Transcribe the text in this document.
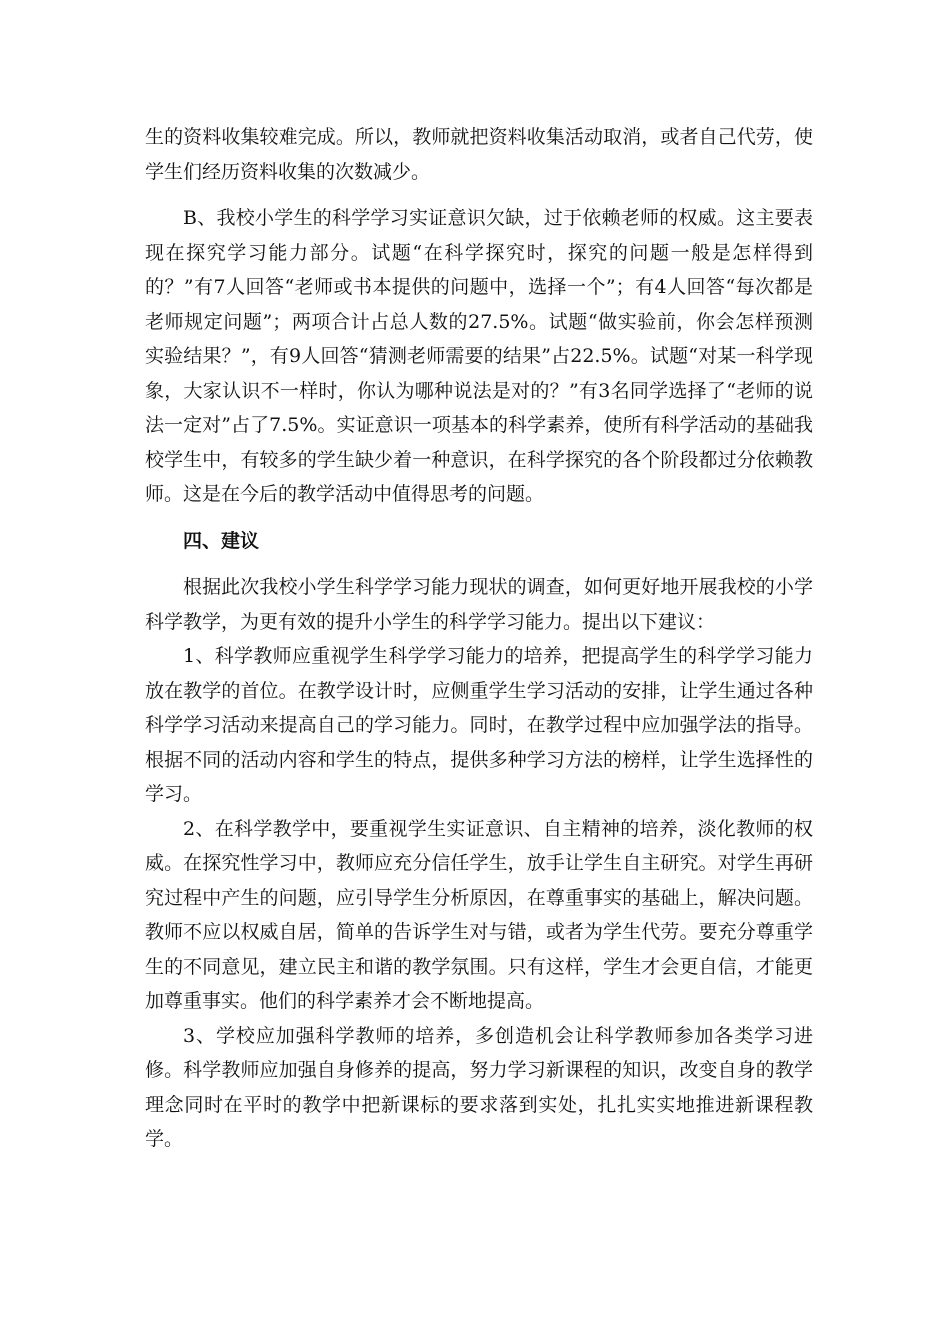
生的资料收集较难完成。所以，教师就把资料收集活动取消，或者自己代劳，使学生们经历资料收集的次数减少。

B、我校小学生的科学学习实证意识欠缺，过于依赖老师的权威。这主要表现在探究学习能力部分。试题“在科学探究时，探究的问题一般是怎样得到的？”有7人回答“老师或书本提供的问题中，选择一个”；有4人回答“每次都是老师规定问题”；两项合计占总人数的27.5%。试题“做实验前，你会怎样预测实验结果？”，有9人回答“猜测老师需要的结果”占22.5%。试题“对某一科学现象，大家认识不一样时，你认为哪种说法是对的？”有3名同学选择了“老师的说法一定对”占了7.5%。实证意识一项基本的科学素养，使所有科学活动的基础我校学生中，有较多的学生缺少着一种意识，在科学探究的各个阶段都过分依赖教师。这是在今后的教学活动中值得思考的问题。

四、建议

根据此次我校小学生科学学习能力现状的调查，如何更好地开展我校的小学科学教学，为更有效的提升小学生的科学学习能力。提出以下建议：

1、科学教师应重视学生科学学习能力的培养，把提高学生的科学学习能力放在教学的首位。在教学设计时，应侧重学生学习活动的安排，让学生通过各种科学学习活动来提高自己的学习能力。同时，在教学过程中应加强学法的指导。根据不同的活动内容和学生的特点，提供多种学习方法的榜样，让学生选择性的学习。

2、在科学教学中，要重视学生实证意识、自主精神的培养，淡化教师的权威。在探究性学习中，教师应充分信任学生，放手让学生自主研究。对学生再研究过程中产生的问题，应引导学生分析原因，在尊重事实的基础上，解决问题。教师不应以权威自居，简单的告诉学生对与错，或者为学生代劳。要充分尊重学生的不同意见，建立民主和谐的教学氛围。只有这样，学生才会更自信，才能更加尊重事实。他们的科学素养才会不断地提高。

3、学校应加强科学教师的培养，多创造机会让科学教师参加各类学习进修。科学教师应加强自身修养的提高，努力学习新课程的知识，改变自身的教学理念同时在平时的教学中把新课标的要求落到实处，扎扎实实地推进新课程教学。
